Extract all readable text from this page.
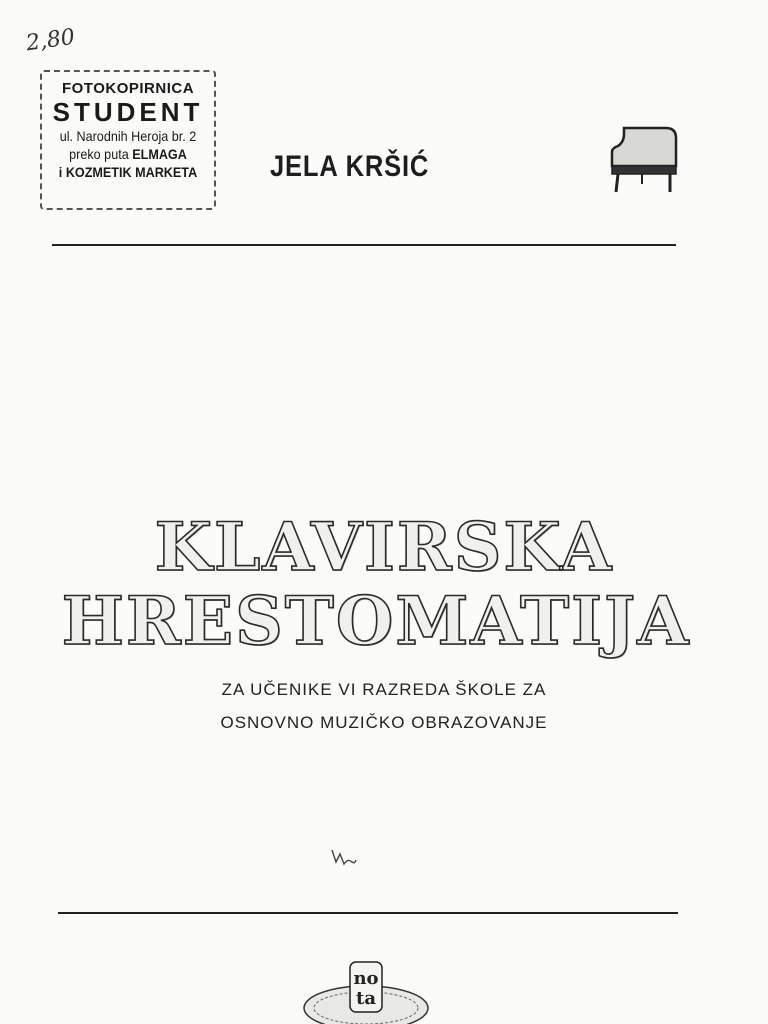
2,80
FOTOKOPIRNICA
STUDENT
ul. Narodnih Heroja br. 2
preko puta ELMAGA
i KOZMETIK MARKETA JELA KRŠIĆ
KLAVIRSKA
HRESTOMATIJA
ZA UČENIKE VI RAZREDA ŠKOLE ZA
OSNOVNO MUZIČKO OBRAZOVANJE
no
ta
